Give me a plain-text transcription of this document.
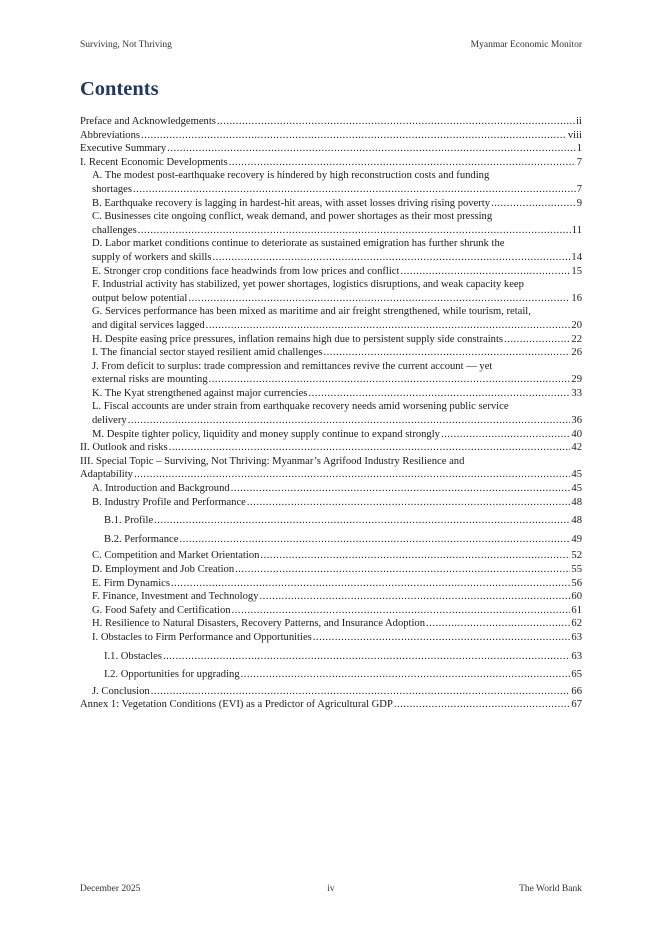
Surviving, Not Thriving	Myanmar Economic Monitor
Contents
Preface and Acknowledgements .....	ii
Abbreviations .....	viii
Executive Summary .....	1
I. Recent Economic Developments .....	7
A. The modest post-earthquake recovery is hindered by high reconstruction costs and funding
shortages .....	7
B. Earthquake recovery is lagging in hardest-hit areas, with asset losses driving rising poverty .....	9
C. Businesses cite ongoing conflict, weak demand, and power shortages as their most pressing
challenges .....	11
D. Labor market conditions continue to deteriorate as sustained emigration has further shrunk the
supply of workers and skills .....	14
E. Stronger crop conditions face headwinds from low prices and conflict .....	15
F. Industrial activity has stabilized, yet power shortages, logistics disruptions, and weak capacity keep
output below potential .....	16
G. Services performance has been mixed as maritime and air freight strengthened, while tourism, retail,
and digital services lagged .....	20
H. Despite easing price pressures, inflation remains high due to persistent supply side constraints .....	22
I. The financial sector stayed resilient amid challenges .....	26
J. From deficit to surplus: trade compression and remittances revive the current account — yet
external risks are mounting .....	29
K. The Kyat strengthened against major currencies .....	33
L. Fiscal accounts are under strain from earthquake recovery needs amid worsening public service
delivery .....	36
M. Despite tighter policy, liquidity and money supply continue to expand strongly .....	40
II. Outlook and risks .....	42
III. Special Topic – Surviving, Not Thriving: Myanmar’s Agrifood Industry Resilience and
Adaptability .....	45
A. Introduction and Background .....	45
B. Industry Profile and Performance .....	48
B.1. Profile .....	48
B.2. Performance .....	49
C. Competition and Market Orientation .....	52
D. Employment and Job Creation .....	55
E. Firm Dynamics .....	56
F. Finance, Investment and Technology .....	60
G. Food Safety and Certification .....	61
H. Resilience to Natural Disasters, Recovery Patterns, and Insurance Adoption .....	62
I. Obstacles to Firm Performance and Opportunities .....	63
I.1. Obstacles .....	63
I.2. Opportunities for upgrading .....	65
J. Conclusion .....	66
Annex 1: Vegetation Conditions (EVI) as a Predictor of Agricultural GDP .....	67
December 2025	iv	The World Bank
